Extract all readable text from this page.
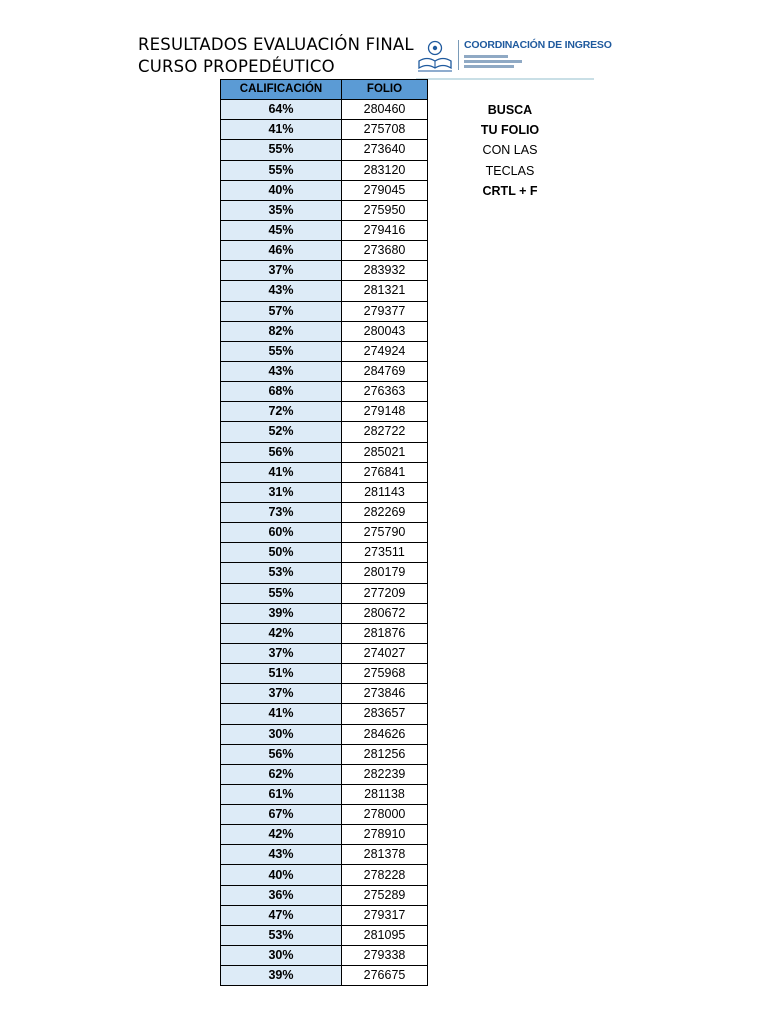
RESULTADOS EVALUACIÓN FINAL
CURSO PROPEDÉUTICO
COORDINACIÓN DE INGRESO
CALIFICACIÓN	FOLIO
64%	280460
41%	275708
55%	273640
55%	283120
40%	279045
35%	275950
45%	279416
46%	273680
37%	283932
43%	281321
57%	279377
82%	280043
55%	274924
43%	284769
68%	276363
72%	279148
52%	282722
56%	285021
41%	276841
31%	281143
73%	282269
60%	275790
50%	273511
53%	280179
55%	277209
39%	280672
42%	281876
37%	274027
51%	275968
37%	273846
41%	283657
30%	284626
56%	281256
62%	282239
61%	281138
67%	278000
42%	278910
43%	281378
40%	278228
36%	275289
47%	279317
53%	281095
30%	279338
39%	276675
BUSCA
TU FOLIO
CON LAS
TECLAS
CRTL + F
